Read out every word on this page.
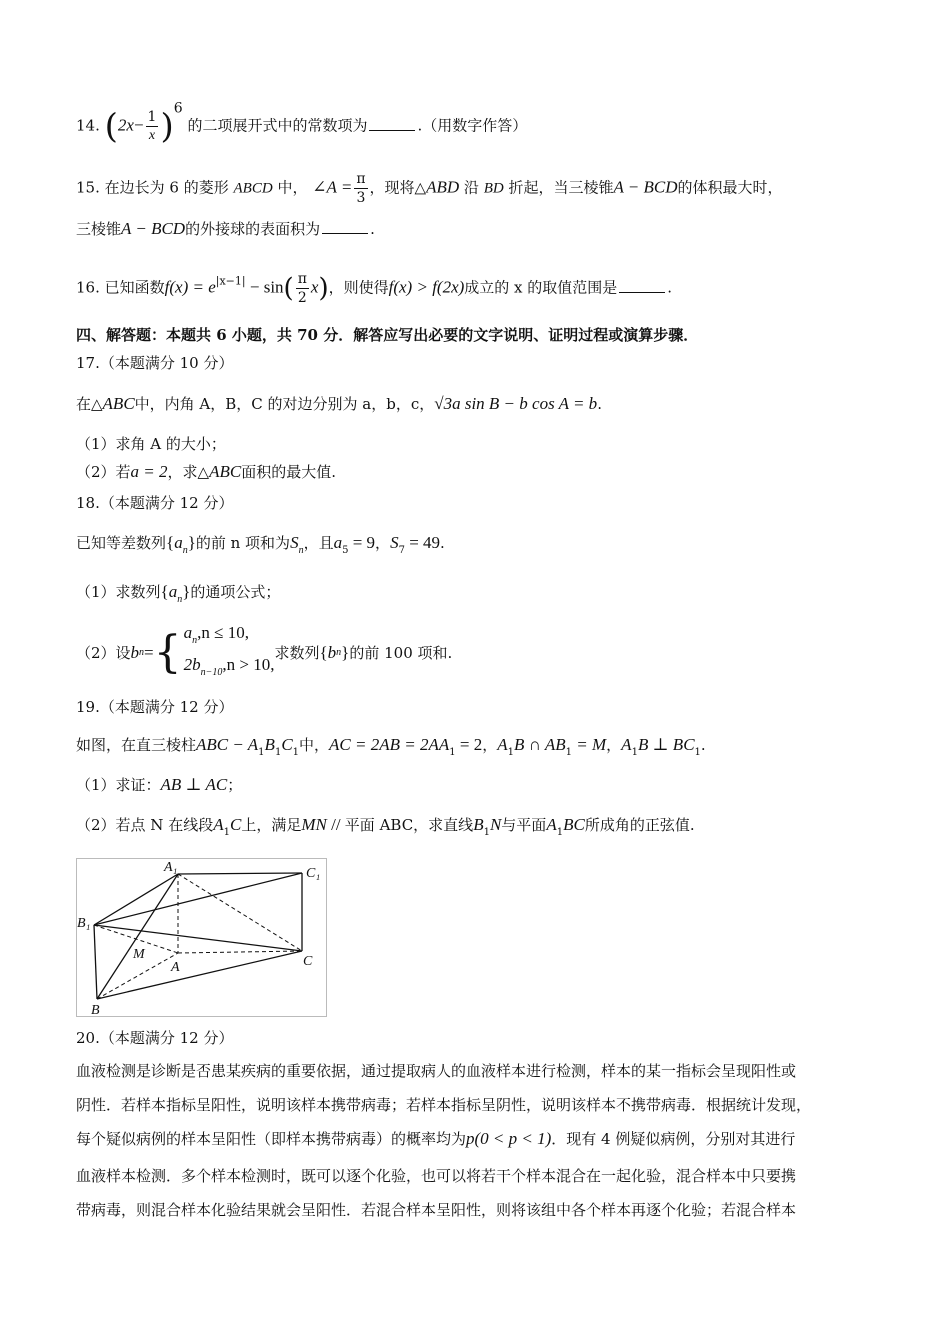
14. $(2x- \frac{1}{x} )6$ 的二项展开式中的常数项为	.（用数字作答）
15. 在边长为 6 的菱形 ABCD 中， ∠A = $\frac{\pi}{3}$ ，现将△ABD 沿 BD 折起，当三棱锥A − BCD的体积最大时，
三棱锥A − BCD的外接球的表面积为	.
16. 已知函数$f(x) = e^{|x-1|} - \sin( \frac{\pi}{2} x)$，则使得f(x) > f(2x)成立的 x 的取值范围是	.
四、解答题：本题共 6 小题，共 70 分．解答应写出必要的文字说明、证明过程或演算步骤．
17.（本题满分 10 分）
在△ABC中，内角 A，B，C 的对边分别为 a，b，c，√3a sin B − b cos A = b.
（1）求角 A 的大小；
（2）若a = 2，求△ABC面积的最大值.
18.（本题满分 12 分）
已知等差数列$\{a_n\}$的前 n 项和为$S_n$，且$a_5 = 9$，$S_7 = 49$.
（1）求数列$\{a_n\}$的通项公式；
（2）设 b n = { $a_n,n \le 10$,
$2b_{n-10},n > 10$,
求数列 { b n } 的前 100 项和.
19.（本题满分 12 分）
如图，在直三棱柱ABC − $A_1B_1C_1$中，AC = $2AB = 2AA_1 = 2$，$A_1B$ ∩ $AB_1 = M$，$A_1B$ ⊥ $BC_1$.
（1）求证：AB ⊥ AC；
（2）若点 N 在线段$A_1C$上，满足MN // 平面 ABC，求直线$B_1N$与平面$A_1BC$所成角的正弦值.
A₁	C₁
B₁
M
A	C
B
20.（本题满分 12 分）
血液检测是诊断是否患某疾病的重要依据，通过提取病人的血液样本进行检测，样本的某一指标会呈现阳性或
阴性．若样本指标呈阳性，说明该样本携带病毒；若样本指标呈阴性，说明该样本不携带病毒．根据统计发现，
每个疑似病例的样本呈阳性（即样本携带病毒）的概率均为p(0 < p < 1)．现有 4 例疑似病例，分别对其进行
血液样本检测．多个样本检测时，既可以逐个化验，也可以将若干个样本混合在一起化验，混合样本中只要携
带病毒，则混合样本化验结果就会呈阳性．若混合样本呈阳性，则将该组中各个样本再逐个化验；若混合样本
